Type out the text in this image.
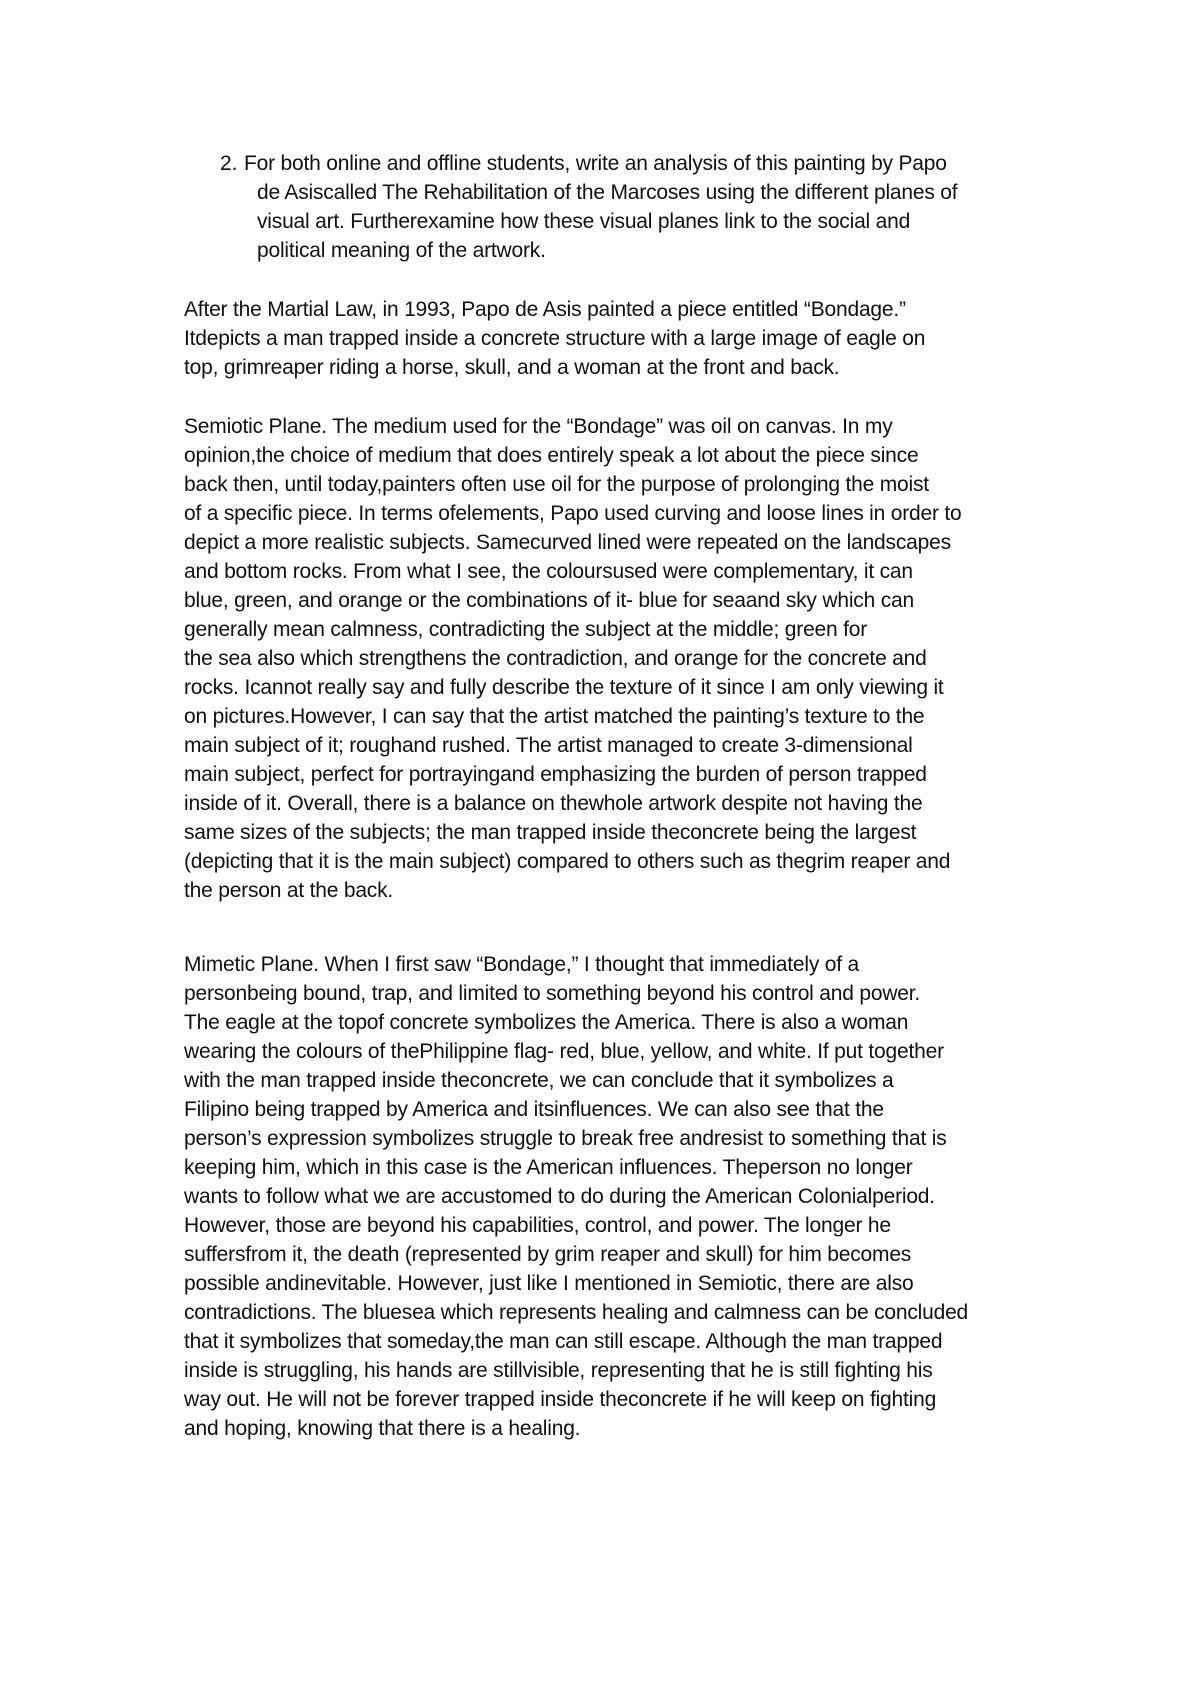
2. For both online and offline students, write an analysis of this painting by Papo
de Asiscalled The Rehabilitation of the Marcoses using the different planes of
visual art. Furtherexamine how these visual planes link to the social and
political meaning of the artwork.
After the Martial Law, in 1993, Papo de Asis painted a piece entitled “Bondage.”
Itdepicts a man trapped inside a concrete structure with a large image of eagle on
top, grimreaper riding a horse, skull, and a woman at the front and back.
Semiotic Plane. The medium used for the “Bondage” was oil on canvas. In my
opinion,the choice of medium that does entirely speak a lot about the piece since
back then, until today,painters often use oil for the purpose of prolonging the moist
of a specific piece. In terms ofelements, Papo used curving and loose lines in order to
depict a more realistic subjects. Samecurved lined were repeated on the landscapes
and bottom rocks. From what I see, the coloursused were complementary, it can
blue, green, and orange or the combinations of it- blue for seaand sky which can
generally mean calmness, contradicting the subject at the middle; green for
the sea also which strengthens the contradiction, and orange for the concrete and
rocks. Icannot really say and fully describe the texture of it since I am only viewing it
on pictures.However, I can say that the artist matched the painting’s texture to the
main subject of it; roughand rushed. The artist managed to create 3-dimensional
main subject, perfect for portrayingand emphasizing the burden of person trapped
inside of it. Overall, there is a balance on thewhole artwork despite not having the
same sizes of the subjects; the man trapped inside theconcrete being the largest
(depicting that it is the main subject) compared to others such as thegrim reaper and
the person at the back.
Mimetic Plane. When I first saw “Bondage,” I thought that immediately of a
personbeing bound, trap, and limited to something beyond his control and power.
The eagle at the topof concrete symbolizes the America. There is also a woman
wearing the colours of thePhilippine flag- red, blue, yellow, and white. If put together
with the man trapped inside theconcrete, we can conclude that it symbolizes a
Filipino being trapped by America and itsinfluences. We can also see that the
person’s expression symbolizes struggle to break free andresist to something that is
keeping him, which in this case is the American influences. Theperson no longer
wants to follow what we are accustomed to do during the American Colonialperiod.
However, those are beyond his capabilities, control, and power. The longer he
suffersfrom it, the death (represented by grim reaper and skull) for him becomes
possible andinevitable. However, just like I mentioned in Semiotic, there are also
contradictions. The bluesea which represents healing and calmness can be concluded
that it symbolizes that someday,the man can still escape. Although the man trapped
inside is struggling, his hands are stillvisible, representing that he is still fighting his
way out. He will not be forever trapped inside theconcrete if he will keep on fighting
and hoping, knowing that there is a healing.
